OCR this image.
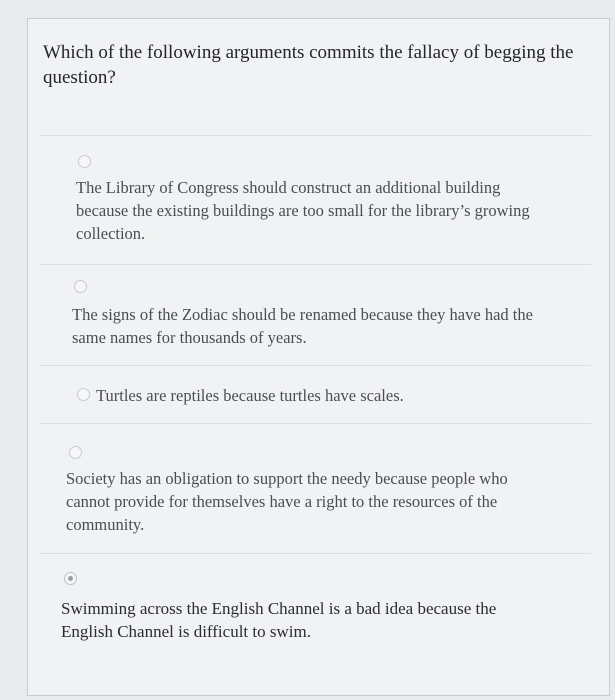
Which of the following arguments commits the fallacy of begging the question?
The Library of Congress should construct an additional building because the existing buildings are too small for the library’s growing collection.
The signs of the Zodiac should be renamed because they have had the same names for thousands of years.
Turtles are reptiles because turtles have scales.
Society has an obligation to support the needy because people who cannot provide for themselves have a right to the resources of the community.
Swimming across the English Channel is a bad idea because the English Channel is difficult to swim.
